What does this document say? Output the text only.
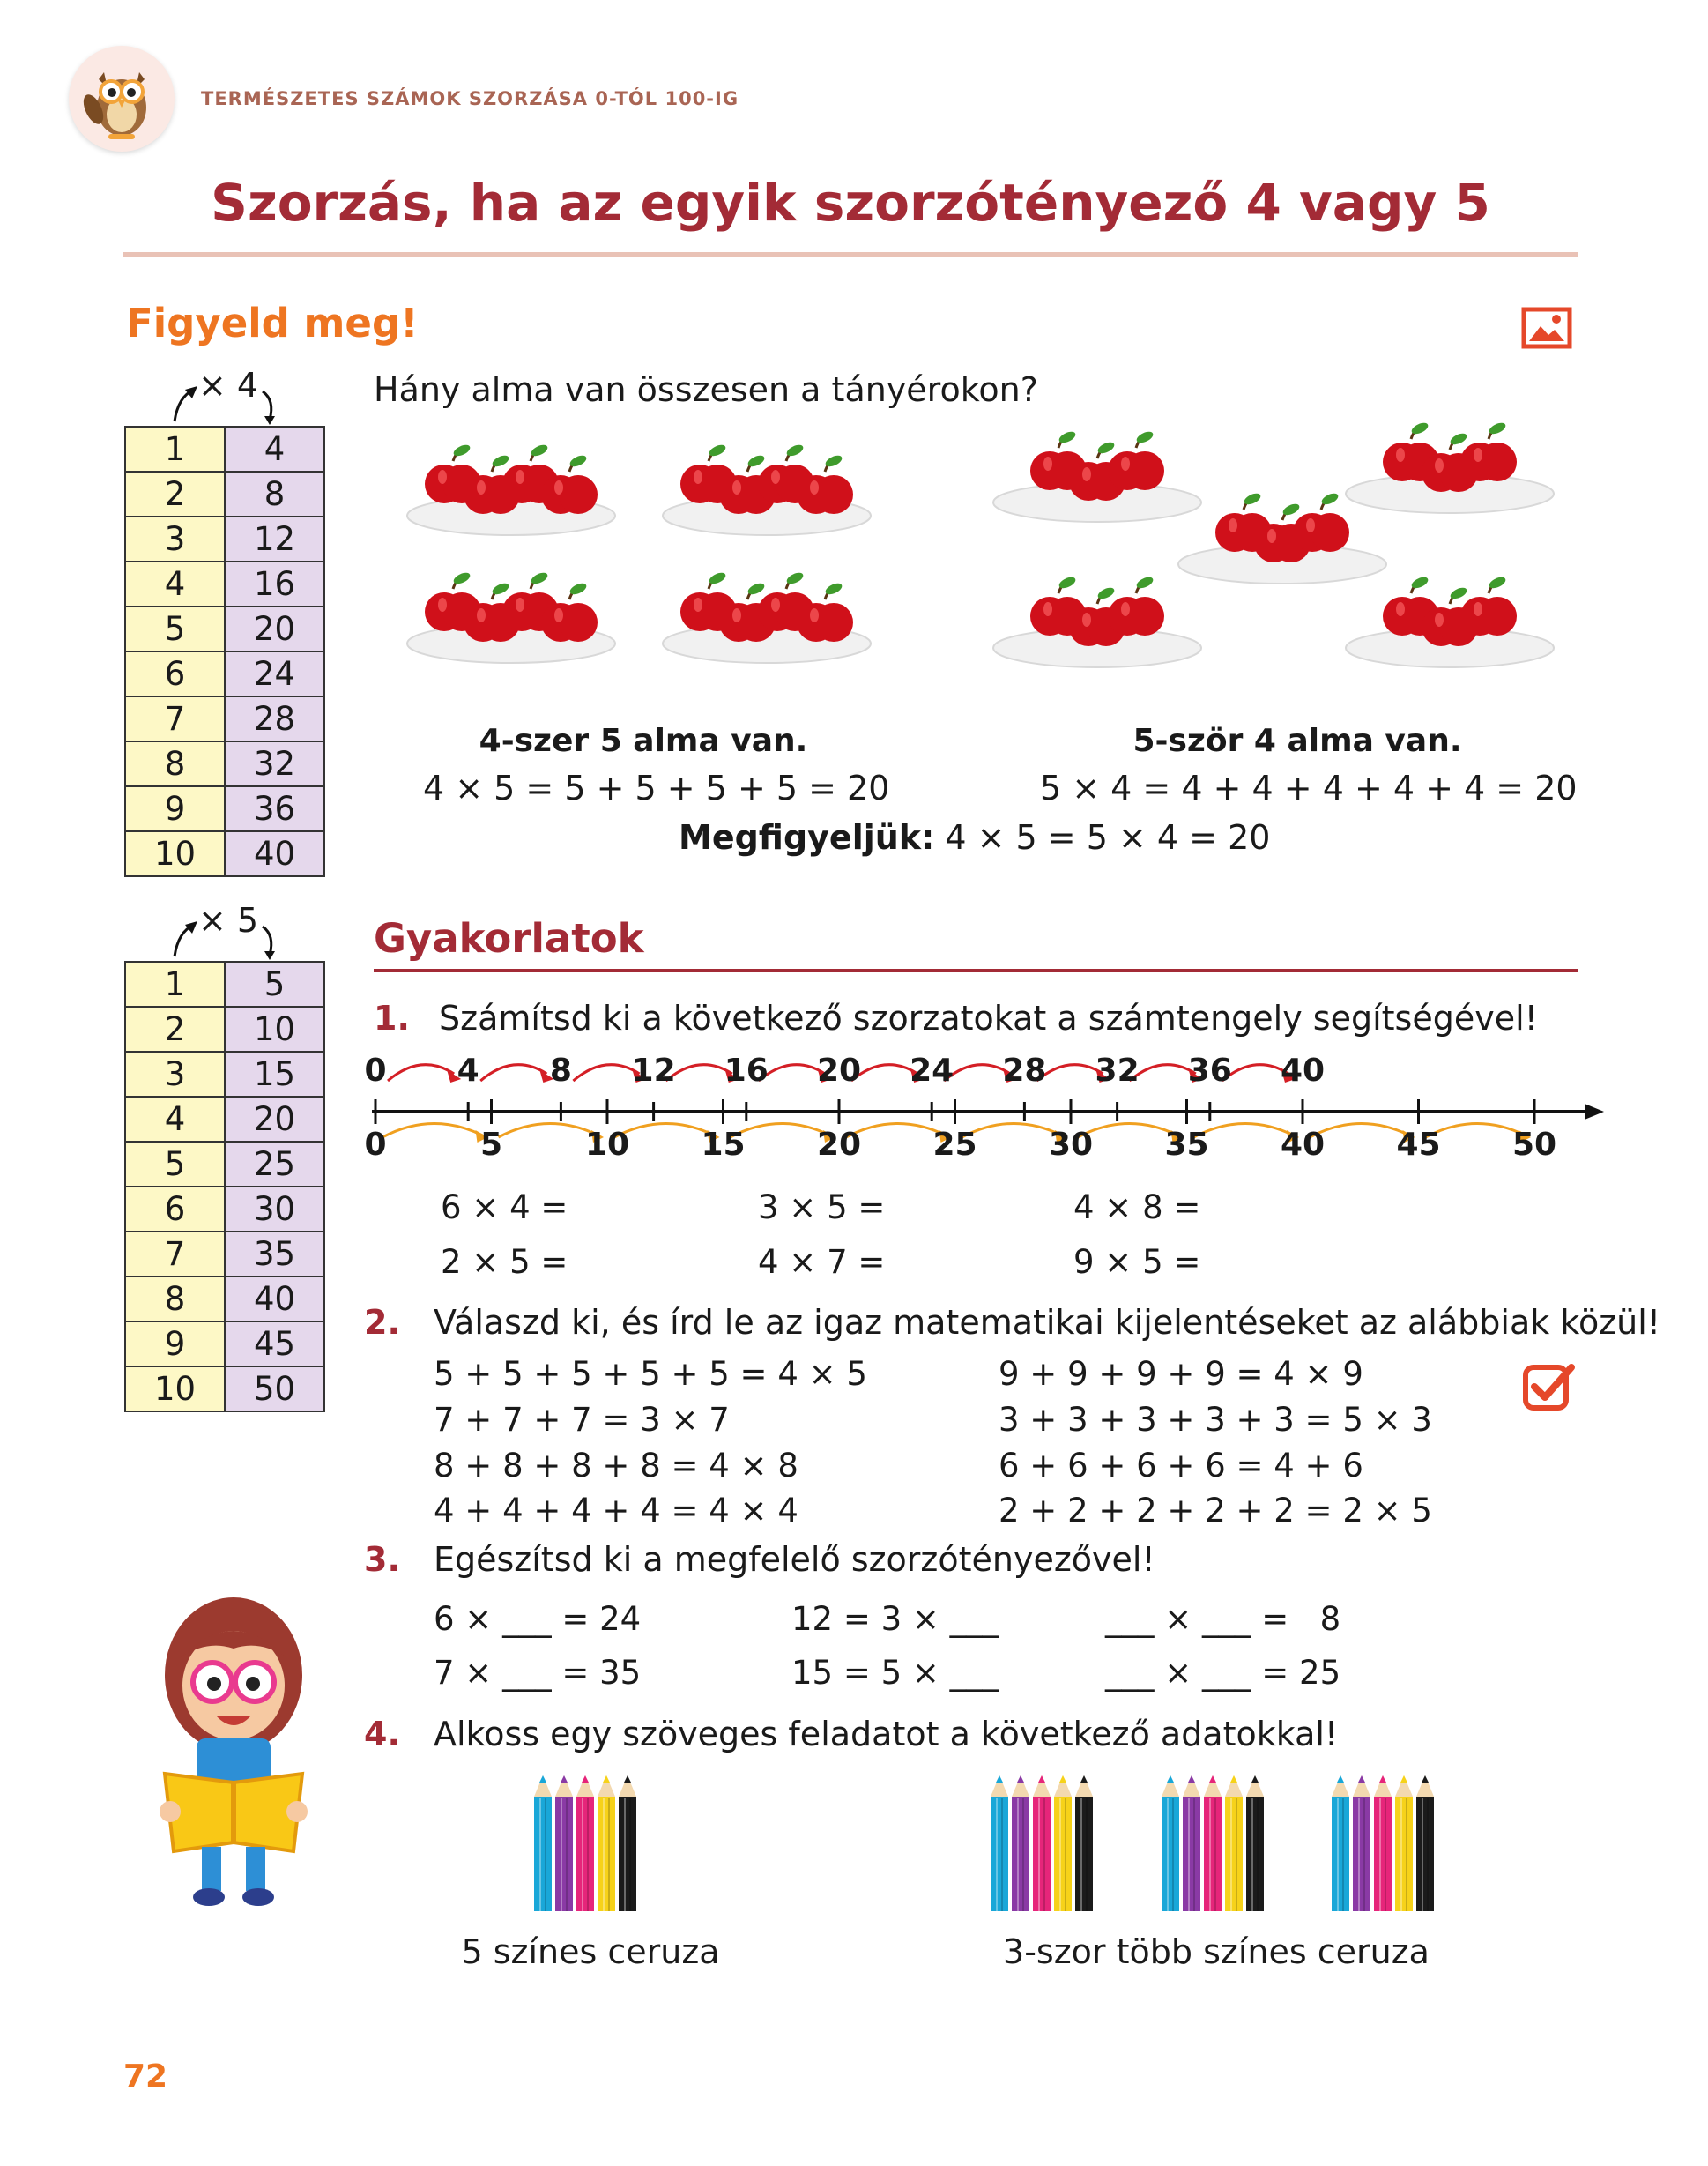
TERMÉSZETES SZÁMOK SZORZÁSA 0-TÓL 100-IG
Szorzás, ha az egyik szorzótényező 4 vagy 5
Figyeld meg!
× 4
1	4
2	8
3	12
4	16
5	20
6	24
7	28
8	32
9	36
10	40
× 5
1	5
2	10
3	15
4	20
5	25
6	30
7	35
8	40
9	45
10	50
Hány alma van összesen a tányérokon?
4-szer 5 alma van.
4 × 5 = 5 + 5 + 5 + 5 = 20
5-ször 4 alma van.
5 × 4 = 4 + 4 + 4 + 4 + 4 = 20
Megfigyeljük: 4 × 5 = 5 × 4 = 20
Gyakorlatok
1. Számítsd ki a következő szorzatokat a számtengely segítségével!
0	5	10 15 20 25 30 35 40 45 50
0 4 8 12 16 20 24 28 32 36 40
6 × 4 =	3 × 5 =	4 × 8 =
2 × 5 =	4 × 7 =	9 × 5 =
2. Válaszd ki, és írd le az igaz matematikai kijelentéseket az alábbiak közül!
5 + 5 + 5 + 5 + 5 = 4 × 5
7 + 7 + 7 = 3 × 7
8 + 8 + 8 + 8 = 4 × 8
4 + 4 + 4 + 4 = 4 × 4
9 + 9 + 9 + 9 = 4 × 9
3 + 3 + 3 + 3 + 3 = 5 × 3
6 + 6 + 6 + 6 = 4 + 6
2 + 2 + 2 + 2 + 2 = 2 × 5
3. Egészítsd ki a megfelelő szorzótényezővel!
6 × ___ = 24	12 = 3 × ___	___ × ___ =   8
7 × ___ = 35	15 = 5 × ___	___ × ___ = 25
4. Alkoss egy szöveges feladatot a következő adatokkal!
5 színes ceruza	3-szor több színes ceruza
72
